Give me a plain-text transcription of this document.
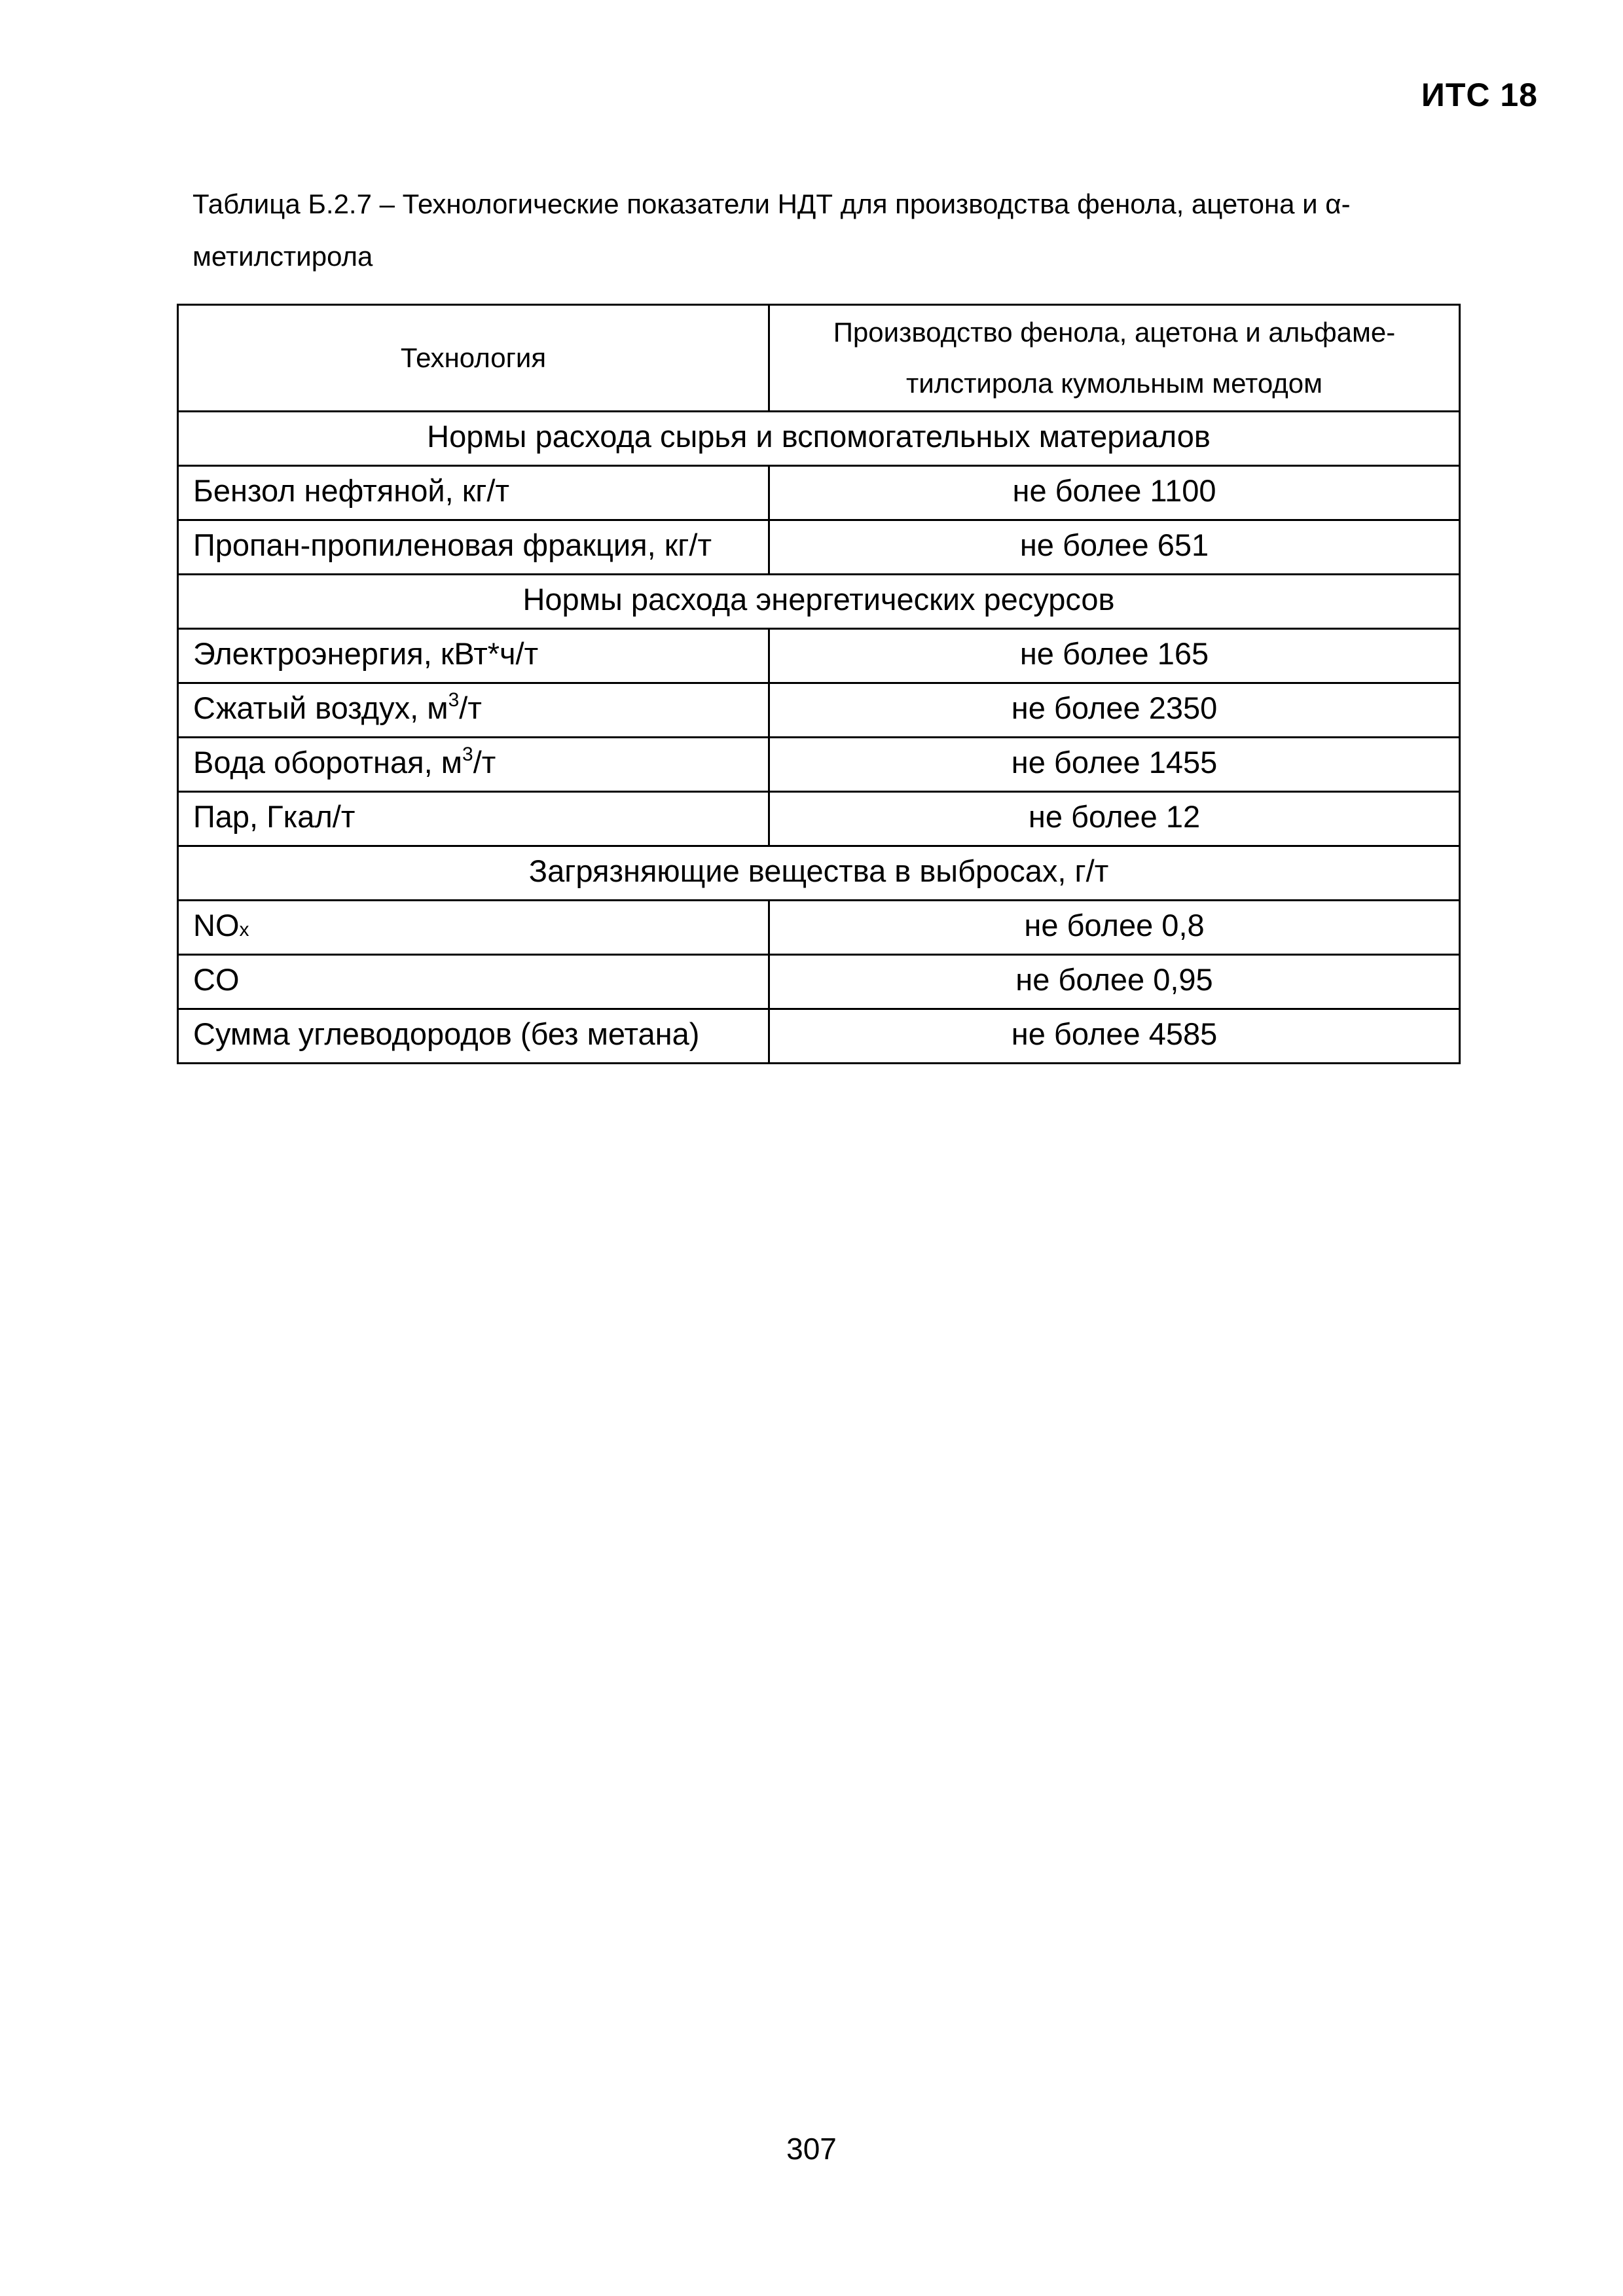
ИТС 18
Таблица Б.2.7 – Технологические показатели НДТ для производства фенола, ацетона и α-
метилстирола
Технология	Производство фенола, ацетона и альфаме-
тилстирола кумольным методом

Нормы расхода сырья и вспомогательных материалов	
Бензол нефтяной, кг/т	не более 1100
Пропан-пропиленовая фракция, кг/т	не более 651
Нормы расхода энергетических ресурсов	
Электроэнергия, кВт*ч/т	не более 165
Сжатый воздух, $м^3/т$	не более 2350
Вода оборотная, $м^3/т$	не более 1455
Пар, Гкал/т	не более 12
Загрязняющие вещества в выбросах, г/т	
NOx	не более 0,8
CO	не более 0,95
Сумма углеводородов (без метана)	не более 4585
307
